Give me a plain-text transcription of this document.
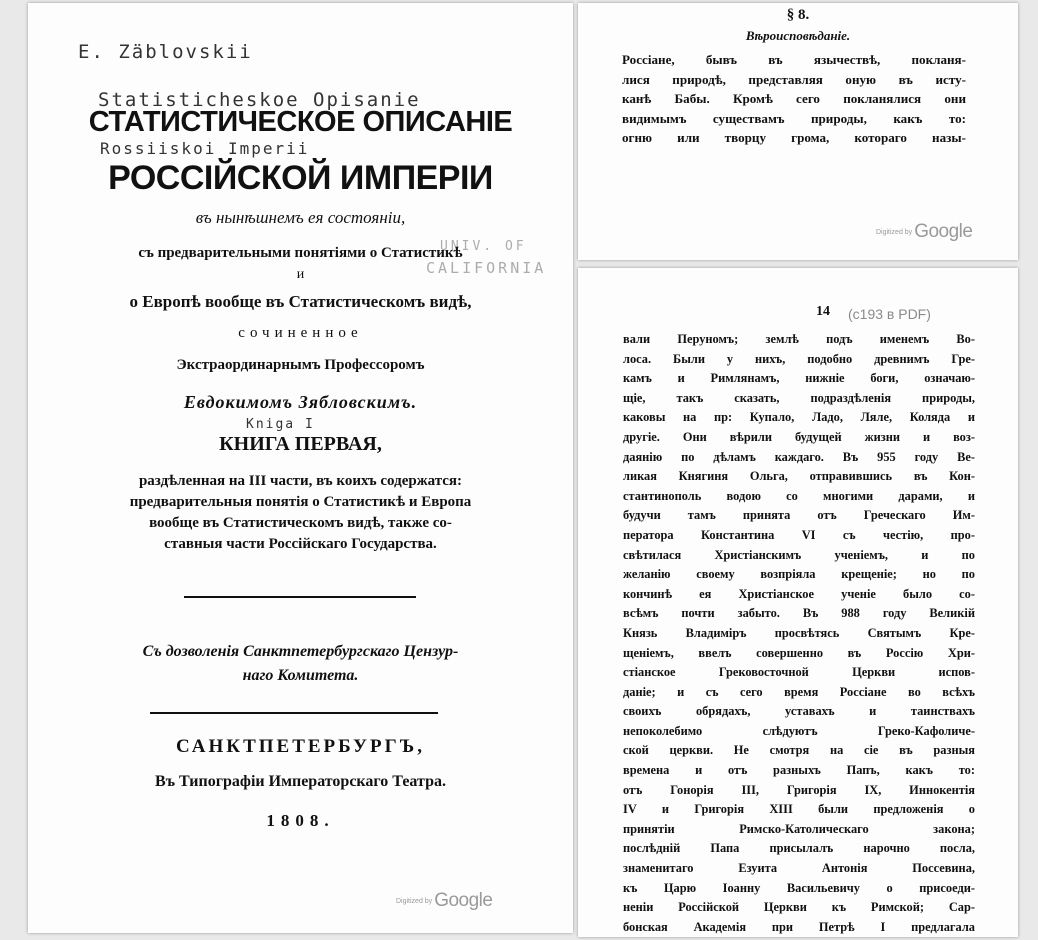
E. Zäblovskii
Statisticheskoe Opisanie
Rossiiskoi Imperii
Kniga I
UNIV. OF
CALIFORNIA
СТАТИСТИЧЕСКОЕ ОПИСАНІЕ
РОССІЙСКОЙ ИМПЕРІИ
въ нынѣшнемъ ея состояніи,
съ предварительными понятіями о Статистикѣ
и
о Европѣ вообще въ Статистическомъ видѣ,
сочиненное
Экстраординарнымъ Профессоромъ
Евдокимомъ Зябловскимъ.
КНИГА ПЕРВАЯ,
раздѣленная на III части, въ коихъ содержатся:
предварительныя понятія о Статистикѣ и Европа
вообще въ Статистическомъ видѣ, также со-
ставныя части Россійскаго Государства.
Съ дозволенія Санктпетербургскаго Цензур-
наго Комитета.
САНКТПЕТЕРБУРГЪ,
Въ Типографіи Императорскаго Театра.
1808.
Digitized by Google
§ 8.
Вѣроисповѣданіе.
Россіане, бывъ въ язычествѣ, покланя-
лися природѣ, представляя оную въ исту-
канѣ Бабы. Кромѣ сего покланялися они
видимымъ существамъ природы, какъ то:
огню или творцу грома, котораго назы-
Digitized by Google
14 (c193 в PDF)
вали Перуномъ; землѣ подъ именемъ Во-
лоса. Были у нихъ, подобно древнимъ Гре-
камъ и Римлянамъ, нижніе боги, означаю-
щіе, такъ сказать, подраздѣленія природы,
каковы на пр: Купало, Ладо, Ляле, Коляда и
другіе. Они вѣрили будущей жизни и воз-
даянію по дѣламъ каждаго. Въ 955 году Ве-
ликая Княгиня Ольга, отправившись въ Кон-
стантинополь водою со многими дарами, и
будучи тамъ принята отъ Греческаго Им-
ператора Константина VI съ честію, про-
свѣтилася Христіанскимъ ученіемъ, и по
желанію своему возпріяла крещеніе; но по
кончинѣ ея Христіанское ученіе было со-
всѣмъ почти забыто. Въ 988 году Великій
Князь Владиміръ просвѣтясь Святымъ Кре-
щеніемъ, ввелъ совершенно въ Россію Хри-
стіанское Грековосточной Церкви испов-
даніе; и съ сего время Россіане во всѣхъ
своихъ обрядахъ, уставахъ и таинствахъ
непоколебимо слѣдуютъ Греко-Кафоличе-
ской церкви. Не смотря на сіе въ разныя
времена и отъ разныхъ Папъ, какъ то:
отъ Гонорія III, Григорія IX, Иннокентія
IV и Григорія XIII были предложенія о
принятіи Римско-Католическаго закона;
послѣдній Папа присылалъ нарочно посла,
знаменитаго Езуита Антонія Поссевина,
къ Царю Іоанну Васильевичу о присоеди-
неніи Россійской Церкви къ Римской; Сар-
бонская Академія при Петрѣ I предлагала
